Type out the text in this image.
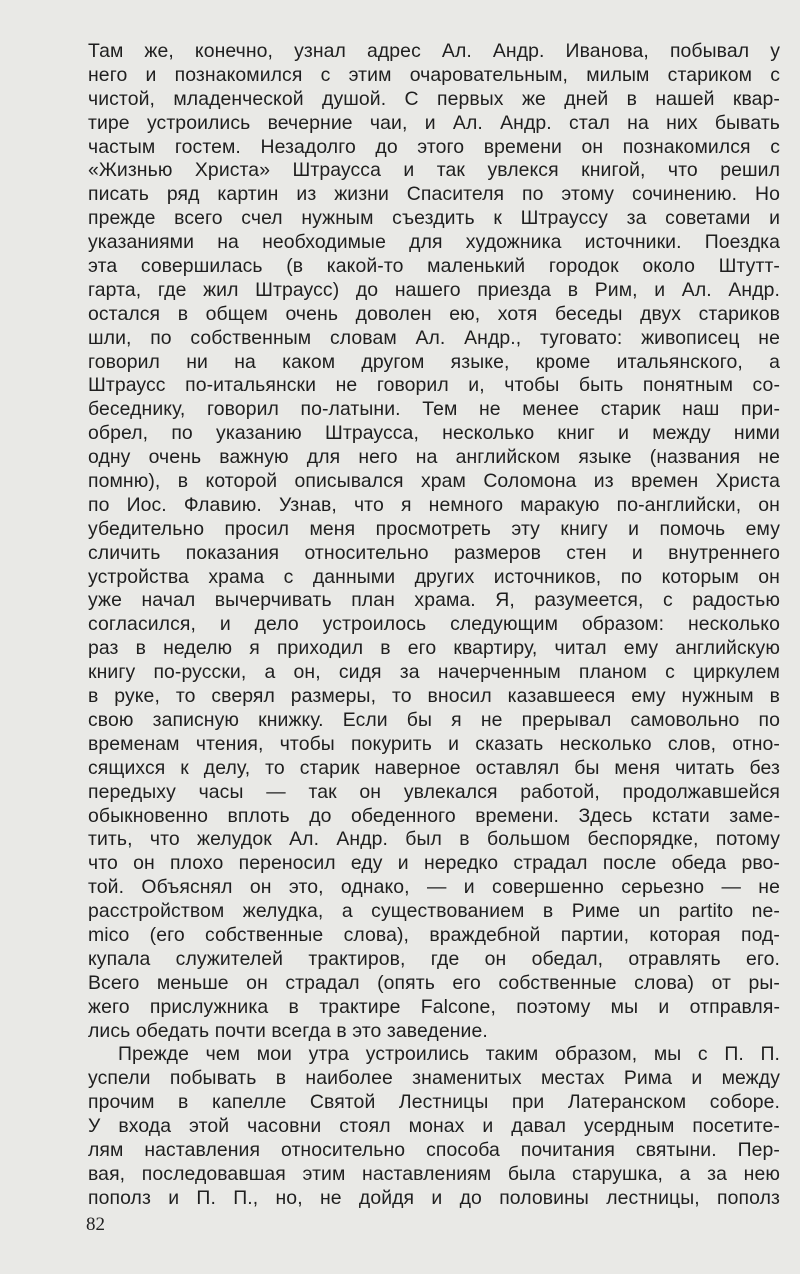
Там же, конечно, узнал адрес Ал. Андр. Иванова, побывал у
него и познакомился с этим очаровательным, милым стариком с
чистой, младенческой душой. С первых же дней в нашей квар-
тире устроились вечерние чаи, и Ал. Андр. стал на них бывать
частым гостем. Незадолго до этого времени он познакомился с
«Жизнью Христа» Штраусса и так увлекся книгой, что решил
писать ряд картин из жизни Спасителя по этому сочинению. Но
прежде всего счел нужным съездить к Штрауссу за советами и
указаниями на необходимые для художника источники. Поездка
эта совершилась (в какой-то маленький городок около Штутт-
гарта, где жил Штраусс) до нашего приезда в Рим, и Ал. Андр.
остался в общем очень доволен ею, хотя беседы двух стариков
шли, по собственным словам Ал. Андр., туговато: живописец не
говорил ни на каком другом языке, кроме итальянского, а
Штраусс по-итальянски не говорил и, чтобы быть понятным со-
беседнику, говорил по-латыни. Тем не менее старик наш при-
обрел, по указанию Штраусса, несколько книг и между ними
одну очень важную для него на английском языке (названия не
помню), в которой описывался храм Соломона из времен Христа
по Иос. Флавию. Узнав, что я немного маракую по-английски, он
убедительно просил меня просмотреть эту книгу и помочь ему
сличить показания относительно размеров стен и внутреннего
устройства храма с данными других источников, по которым он
уже начал вычерчивать план храма. Я, разумеется, с радостью
согласился, и дело устроилось следующим образом: несколько
раз в неделю я приходил в его квартиру, читал ему английскую
книгу по-русски, а он, сидя за начерченным планом с циркулем
в руке, то сверял размеры, то вносил казавшееся ему нужным в
свою записную книжку. Если бы я не прерывал самовольно по
временам чтения, чтобы покурить и сказать несколько слов, отно-
сящихся к делу, то старик наверное оставлял бы меня читать без
передыху часы — так он увлекался работой, продолжавшейся
обыкновенно вплоть до обеденного времени. Здесь кстати заме-
тить, что желудок Ал. Андр. был в большом беспорядке, потому
что он плохо переносил еду и нередко страдал после обеда рво-
той. Объяснял он это, однако, — и совершенно серьезно — не
расстройством желудка, а существованием в Риме un partito ne-
mico (его собственные слова), враждебной партии, которая под-
купала служителей трактиров, где он обедал, отравлять его.
Всего меньше он страдал (опять его собственные слова) от ры-
жего прислужника в трактире Falcone, поэтому мы и отправля-
лись обедать почти всегда в это заведение.
Прежде чем мои утра устроились таким образом, мы с П. П.
успели побывать в наиболее знаменитых местах Рима и между
прочим в капелле Святой Лестницы при Латеранском соборе.
У входа этой часовни стоял монах и давал усердным посетите-
лям наставления относительно способа почитания святыни. Пер-
вая, последовавшая этим наставлениям была старушка, а за нею
пополз и П. П., но, не дойдя и до половины лестницы, пополз
82
